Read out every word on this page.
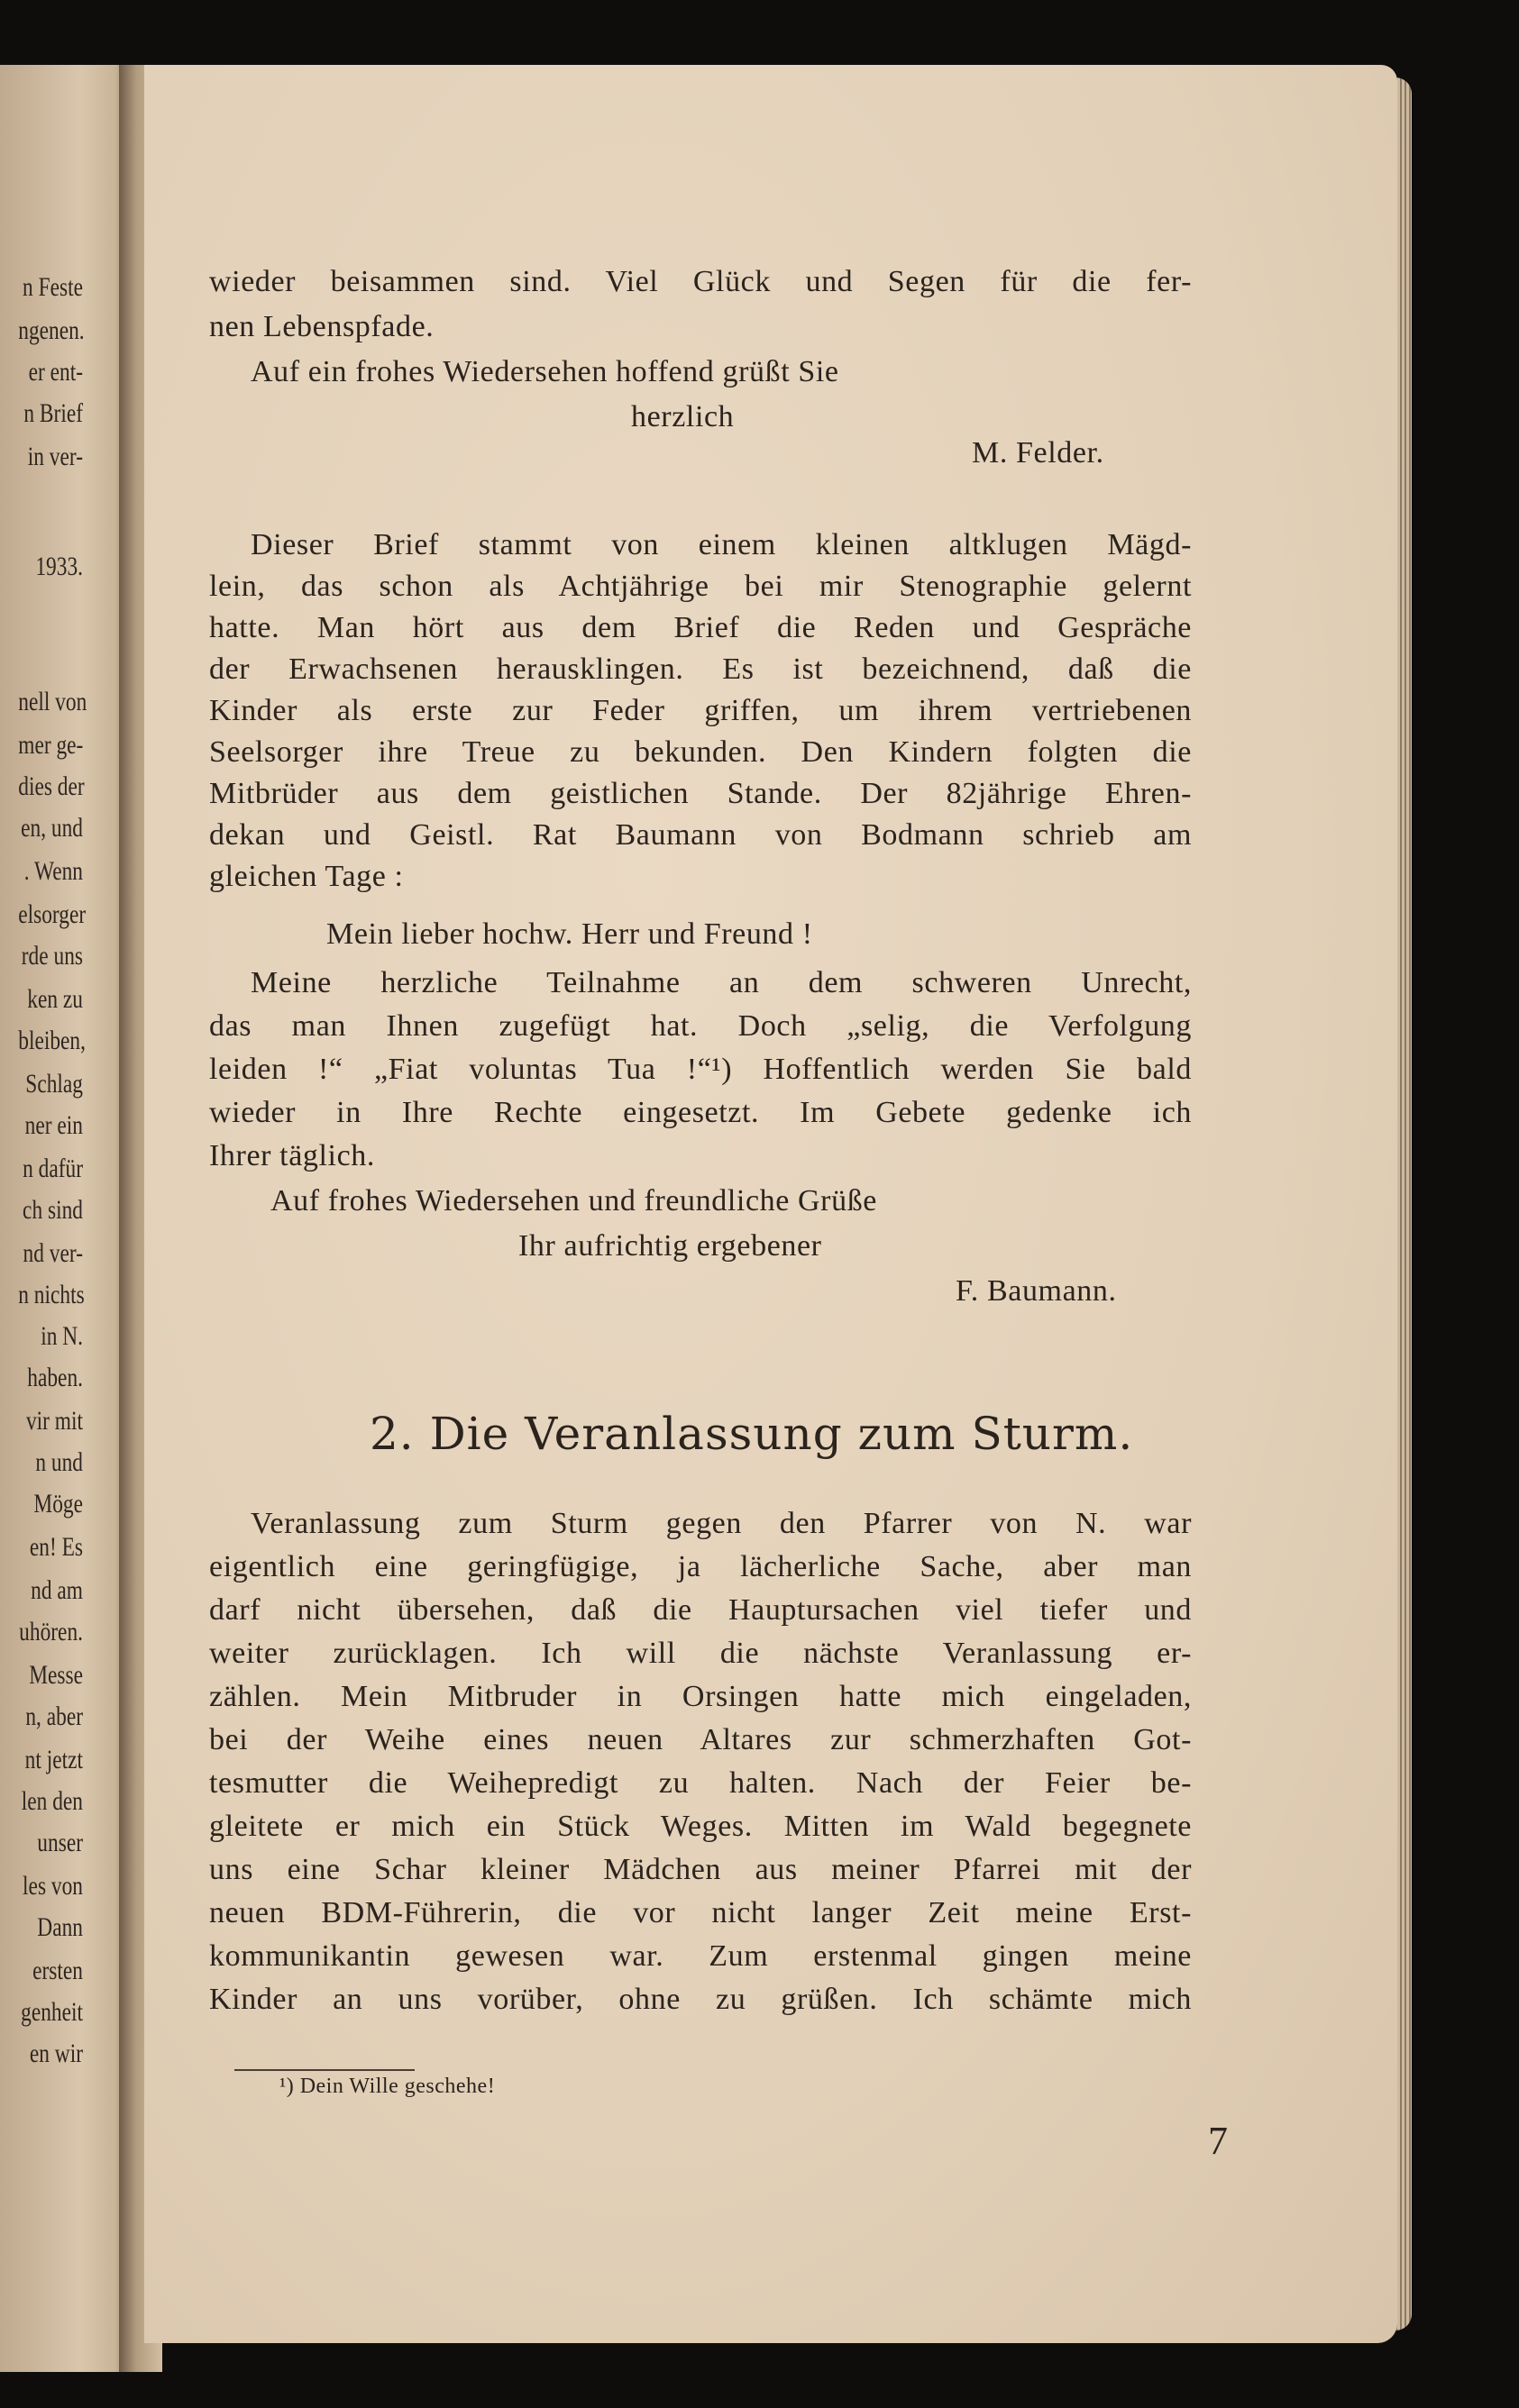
n Feste
ngenen.
er ent-
n Brief
in ver-
1933.
nell von
mer ge-
dies der
en, und
. Wenn
elsorger
rde uns
ken zu
bleiben,
Schlag
ner ein
n dafür
ch sind
nd ver-
n nichts
in N.
haben.
vir mit
n und
Möge
en! Es
nd am
uhören.
Messe
n, aber
nt jetzt
len den
unser
les von
Dann
ersten
genheit
en wir
wieder beisammen sind. Viel Glück und Segen für die fer-
nen Lebenspfade.
Auf ein frohes Wiedersehen hoffend grüßt Sie
herzlich
M. Felder.
Dieser Brief stammt von einem kleinen altklugen Mägd-
lein, das schon als Achtjährige bei mir Stenographie gelernt
hatte. Man hört aus dem Brief die Reden und Gespräche
der Erwachsenen herausklingen. Es ist bezeichnend, daß die
Kinder als erste zur Feder griffen, um ihrem vertriebenen
Seelsorger ihre Treue zu bekunden. Den Kindern folgten die
Mitbrüder aus dem geistlichen Stande. Der 82jährige Ehren-
dekan und Geistl. Rat Baumann von Bodmann schrieb am
gleichen Tage :
Mein lieber hochw. Herr und Freund !
Meine herzliche Teilnahme an dem schweren Unrecht,
das man Ihnen zugefügt hat. Doch „selig, die Verfolgung
leiden !“ „Fiat voluntas Tua !“¹) Hoffentlich werden Sie bald
wieder in Ihre Rechte eingesetzt. Im Gebete gedenke ich
Ihrer täglich.
Auf frohes Wiedersehen und freundliche Grüße
Ihr aufrichtig ergebener
F. Baumann.
2. Die Veranlassung zum Sturm.
Veranlassung zum Sturm gegen den Pfarrer von N. war
eigentlich eine geringfügige, ja lächerliche Sache, aber man
darf nicht übersehen, daß die Hauptursachen viel tiefer und
weiter zurücklagen. Ich will die nächste Veranlassung er-
zählen. Mein Mitbruder in Orsingen hatte mich eingeladen,
bei der Weihe eines neuen Altares zur schmerzhaften Got-
tesmutter die Weihepredigt zu halten. Nach der Feier be-
gleitete er mich ein Stück Weges. Mitten im Wald begegnete
uns eine Schar kleiner Mädchen aus meiner Pfarrei mit der
neuen BDM-Führerin, die vor nicht langer Zeit meine Erst-
kommunikantin gewesen war. Zum erstenmal gingen meine
Kinder an uns vorüber, ohne zu grüßen. Ich schämte mich
¹) Dein Wille geschehe!
7
